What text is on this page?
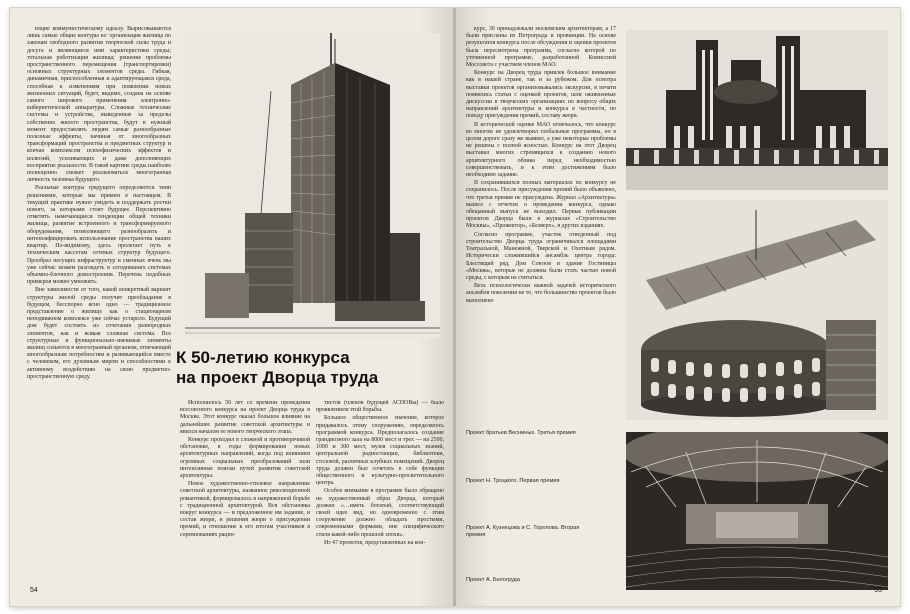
ющие коммунистическому идеалу. Вырисовываются лишь самые общие контуры ее: организация жилища по законам свободного развития творческой силы труда и досуга и являющиеся ими характеристики среды; тотальная роботизация жилища; решение проблемы пространственного перемещения (транспортировки) основных структурных элементов среды. Гибкая, динамичная, приспособленная и адаптирующаяся среда, способная к изменениям при появлении новых жизненных ситуаций, будет, видимо, создана на основе самого широкого применения электронно-кибернетической аппаратуры. Сложные технические системы и устройства, выведенные за пределы собственно жилого пространства, будут в нужный момент предоставлять людям самые разнообразные полезные эффекты, начиная от многообразных трансформаций пространства и предметных структур и кончая комплексом психофизических эффектов и иллюзий, усиливающих и даже дополняющих восприятие реальности. В такой картине среды наиболее полноценно сможет реализоваться многогранная личность человека будущего.

Реальные контуры грядущего определяются теми решениями, которые мы примем в настоящем. В текущей практике нужно увидеть и поддержать ростки нового, за которыми стоит будущее. Перспективно отметить намечающиеся тенденции общей техники жилища, развитие встроенного и трансформируемого оборудования, позволяющего разнообразить и интенсифицировать использование пространства наших квартир. По-видимому, здесь пролегает путь к техническим кассетам сетевых структур будущего. Прообраз несущих инфраструктур и сменных ячеек мы уже сейчас можем разглядеть в сегодняшних системах объемно-блочного домостроения. Перечень подобных примеров можно умножить.

Вне зависимости от того, какой конкретный вариант структуры жилой среды получит преобладание в будущем, бесспорно ясно одно — традиционное представление о жилище как о стационарном неподвижном комплексе уже сейчас устарело. Будущий дом будет состоять из сочетания разнородных элементов, как и всякая сложная система. Все структурные и функционально-значимые элементы жилищ сольются в многогранный организм, отвечающий многообразным потребностям и развивающийся вместе с человеком, его духовным миром и способностями к активному воздействию на свою предметно-пространственную среду.

К 50-летию конкурса
на проект Дворца труда

Исполнилось 50 лет со времени проведения всесоюзного конкурса на проект Дворца труда в Москве. Этот конкурс оказал большое влияние на дальнейшее развитие советской архитектуры и явился началом ее нового творческого этапа.

Конкурс проходил в сложной и противоречивой обстановке, в годы формирования новых архитектурных направлений, когда под влиянием огромных социальных преобразований шли интенсивные поиски путей развития советской архитектуры.

Новое художественно-стилевое направление советской архитектуры, названное революционной романтикой, формировалось в напряженной борьбе с традиционной архитектурой. Вся обстановка вокруг конкурса — и предложенное им задание, и состав жюри, и решения жюри о присуждении премий, и отношение к его итогам участников в соревнованиях рацио-

тистов (членов будущей АСНОВы) — было проявлением этой борьбы.

Большое общественное значение, которое придавалось этому сооружению, определялось программой конкурса. Предполагалось создание грандиозного зала на 8000 мест и трех — на 2500, 1000 и 300 мест, музея социальных знаний, центральной радиостанции, библиотеки, столовой, различных клубных помещений. Дворец труда должен был сочетать в себе функции общественного и культурно-просветительного центра.

Особое внимание в программе было обращено на художественный образ Дворца, который должен «…иметь богатый, соответствующий своей идее вид, но одновременно с этим сооружение должно обладать простыми, современными формами, вне специфического стиля какой-либо прошлой эпохи».

Из 47 проектов, представленных на кон-

54

курс, 30 принадлежали московским архитекторам, а 17 были присланы из Петрограда и провинции. На основе результатов конкурса после обсуждения и оценки проектов была пересмотрена программа, согласно которой по уточненной программе, разработанной Комиссией Моссовета с участием членов МАО.

Конкурс на Дворец труда привлек большое внимание как в нашей стране, так и за рубежом. Для осмотра выставки проектов организовывались экскурсии, в печати появились статьи с оценкой проектов, шли оживленные дискуссии в творческих организациях по вопросу общих направлений архитектуры и конкурса в частности, по поводу присуждения премий, составу жюри.

В исторической оценке МАО отмечалось, что конкурс во многом не удовлетворил глобальные программы, но в целом дороге сразу же выявил, а уже некоторые проблемы не решены с полной ясностью. Конкурс на этот Дворец выставил многих стремящихся к созданию нового архитектурного облика перед необходимостью совершенствовать, и к этим достижениям было необходимо задание.

В сохранившихся полных материалах по конкурсу не сохранилось. После присуждения премий было объявлено, что третья премия не присуждена. Журнал «Архитектура» вышел с отчетом о проведении конкурса, однако обещанный выпуск не выходил. Первые публикации проектов Дворца были в журналах «Строительство Москвы», «Прожектор», «Безверх», в других изданиях.

Согласно программе, участок отведенный под строительство Дворца труда ограничивался площадями Театральной, Манежной, Тверской и Охотным рядом. Исторически сложившийся ансамбль центра города: Блестящий ряд, Дом Союзов и здание Гостиницы «Москва», которые не должны были стать частью новой среды, с которым не считаться.

Весь психологически важной задачей исторического ансамбля поколения не то, что большинство проектов было выполнено

Проект братьев Весниных. Третья премия
Проект Н. Троцкого. Первая премия
Проект А. Кузнецова и С. Торопова. Вторая премия
Проект А. Белогруда
55
